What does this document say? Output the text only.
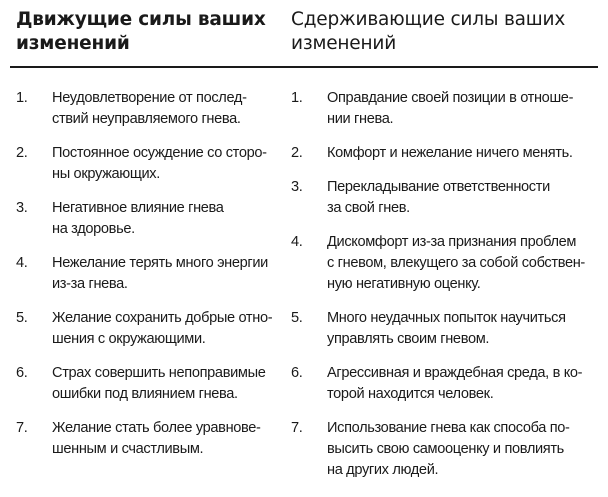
Движущие силы ваших
изменений
Сдерживающие силы ваших
изменений
1. Неудовлетворение от послед-
ствий неуправляемого гнева.
2. Постоянное осуждение со сторо-
ны окружающих.
3. Негативное влияние гнева
на здоровье.
4. Нежелание терять много энергии
из-за гнева.
5. Желание сохранить добрые отно-
шения с окружающими.
6. Страх совершить непоправимые
ошибки под влиянием гнева.
7. Желание стать более уравнове-
шенным и счастливым.
1. Оправдание своей позиции в отноше-
нии гнева.
2. Комфорт и нежелание ничего менять.
3. Перекладывание ответственности
за свой гнев.
4. Дискомфорт из-за признания проблем
с гневом, влекущего за собой собствен-
ную негативную оценку.
5. Много неудачных попыток научиться
управлять своим гневом.
6. Агрессивная и враждебная среда, в ко-
торой находится человек.
7. Использование гнева как способа по-
высить свою самооценку и повлиять
на других людей.
